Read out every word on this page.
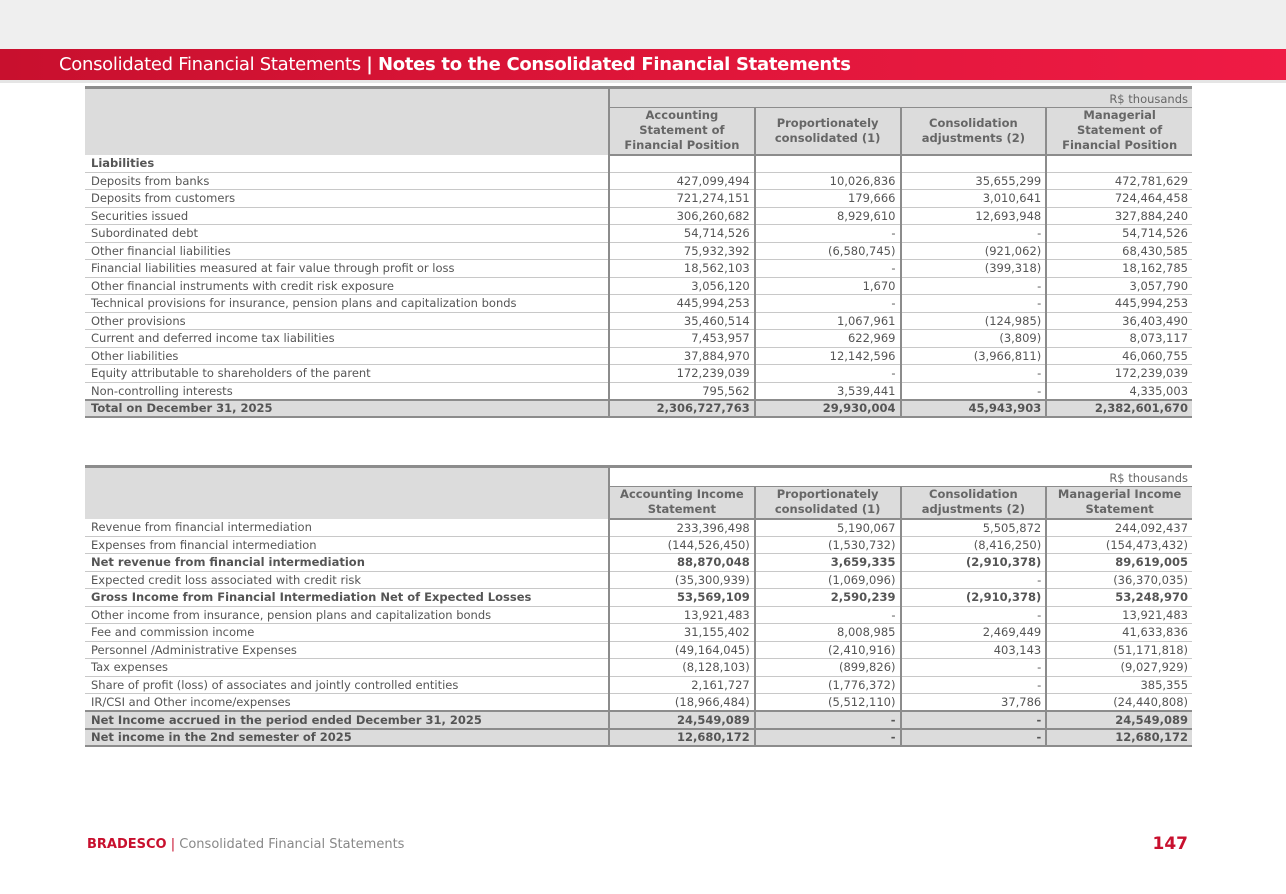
Consolidated Financial Statements | Notes to the Consolidated Financial Statements
	R$ thousands			
	Accounting Statement of Financial Position	Proportionately consolidated (1)	Consolidation adjustments (2)	Managerial Statement of Financial Position
Liabilities				
Deposits from banks	427,099,494	10,026,836	35,655,299	472,781,629
Deposits from customers	721,274,151	179,666	3,010,641	724,464,458
Securities issued	306,260,682	8,929,610	12,693,948	327,884,240
Subordinated debt	54,714,526	-	-	54,714,526
Other financial liabilities	75,932,392	(6,580,745)	(921,062)	68,430,585
Financial liabilities measured at fair value through profit or loss	18,562,103	-	(399,318)	18,162,785
Other financial instruments with credit risk exposure	3,056,120	1,670	-	3,057,790
Technical provisions for insurance, pension plans and capitalization bonds	445,994,253	-	-	445,994,253
Other provisions	35,460,514	1,067,961	(124,985)	36,403,490
Current and deferred income tax liabilities	7,453,957	622,969	(3,809)	8,073,117
Other liabilities	37,884,970	12,142,596	(3,966,811)	46,060,755
Equity attributable to shareholders of the parent	172,239,039	-	-	172,239,039
Non-controlling interests	795,562	3,539,441	-	4,335,003
Total on December 31, 2025	2,306,727,763	29,930,004	45,943,903	2,382,601,670
	R$ thousands			
	Accounting Income Statement	Proportionately consolidated (1)	Consolidation adjustments (2)	Managerial Income Statement
Revenue from financial intermediation	233,396,498	5,190,067	5,505,872	244,092,437
Expenses from financial intermediation	(144,526,450)	(1,530,732)	(8,416,250)	(154,473,432)
Net revenue from financial intermediation	88,870,048	3,659,335	(2,910,378)	89,619,005
Expected credit loss associated with credit risk	(35,300,939)	(1,069,096)	-	(36,370,035)
Gross Income from Financial Intermediation Net of Expected Losses	53,569,109	2,590,239	(2,910,378)	53,248,970
Other income from insurance, pension plans and capitalization bonds	13,921,483	-	-	13,921,483
Fee and commission income	31,155,402	8,008,985	2,469,449	41,633,836
Personnel /Administrative Expenses	(49,164,045)	(2,410,916)	403,143	(51,171,818)
Tax expenses	(8,128,103)	(899,826)	-	(9,027,929)
Share of profit (loss) of associates and jointly controlled entities	2,161,727	(1,776,372)	-	385,355
IR/CSI and Other income/expenses	(18,966,484)	(5,512,110)	37,786	(24,440,808)
Net Income accrued in the period ended December 31, 2025	24,549,089	-	-	24,549,089
Net income in the 2nd semester of 2025	12,680,172	-	-	12,680,172
BRADESCO | Consolidated Financial Statements	147
